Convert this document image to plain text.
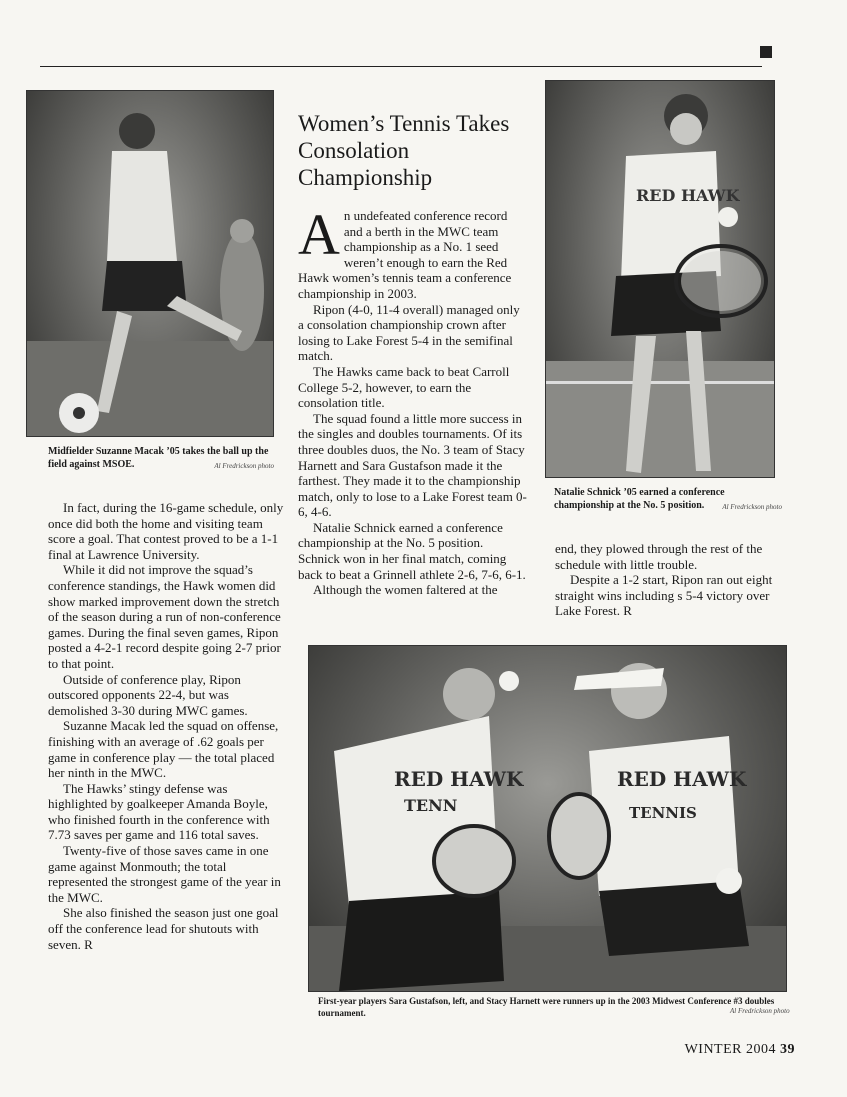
Midfielder Suzanne Macak ’05 takes the ball up the field against MSOE.	Al Fredrickson photo
Women’s Tennis Takes Consolation Championship

An undefeated conference record and a berth in the MWC team championship as a No. 1 seed weren’t enough to earn the Red Hawk women’s tennis team a conference championship in 2003.

Ripon (4-0, 11-4 overall) managed only a consolation championship crown after losing to Lake Forest 5-4 in the semifinal match.

The Hawks came back to beat Carroll College 5-2, however, to earn the consolation title.

The squad found a little more success in the singles and doubles tournaments. Of its three doubles duos, the No. 3 team of Stacy Harnett and Sara Gustafson made it the farthest. They made it to the championship match, only to lose to a Lake Forest team 0-6, 4-6.

Natalie Schnick earned a conference championship at the No. 5 position. Schnick won in her final match, coming back to beat a Grinnell athlete 2-6, 7-6, 6-1.

Although the women faltered at the

RED HAWK
Natalie Schnick ’05 earned a conference championship at the No. 5 position.	Al Fredrickson photo

end, they plowed through the rest of the schedule with little trouble.

Despite a 1-2 start, Ripon ran out eight straight wins including s 5-4 victory over Lake Forest. R

In fact, during the 16-game schedule, only once did both the home and visiting team score a goal. That contest proved to be a 1-1 final at Lawrence University.

While it did not improve the squad’s conference standings, the Hawk women did show marked improvement down the stretch of the season during a run of non-conference games. During the final seven games, Ripon posted a 4-2-1 record despite going 2-7 prior to that point.

Outside of conference play, Ripon outscored opponents 22-4, but was demolished 3-30 during MWC games.

Suzanne Macak led the squad on offense, finishing with an average of .62 goals per game in conference play — the total placed her ninth in the MWC.

The Hawks’ stingy defense was highlighted by goalkeeper Amanda Boyle, who finished fourth in the conference with 7.73 saves per game and 116 total saves.

Twenty-five of those saves came in one game against Monmouth; the total represented the strongest game of the year in the MWC.

She also finished the season just one goal off the conference lead for shutouts with seven. R

RED HAWK
TENN
RED HAWK
TENNIS
First-year players Sara Gustafson, left, and Stacy Harnett were runners up in the 2003 Midwest Conference #3 doubles tournament.	Al Fredrickson photo
WINTER 2004 39
